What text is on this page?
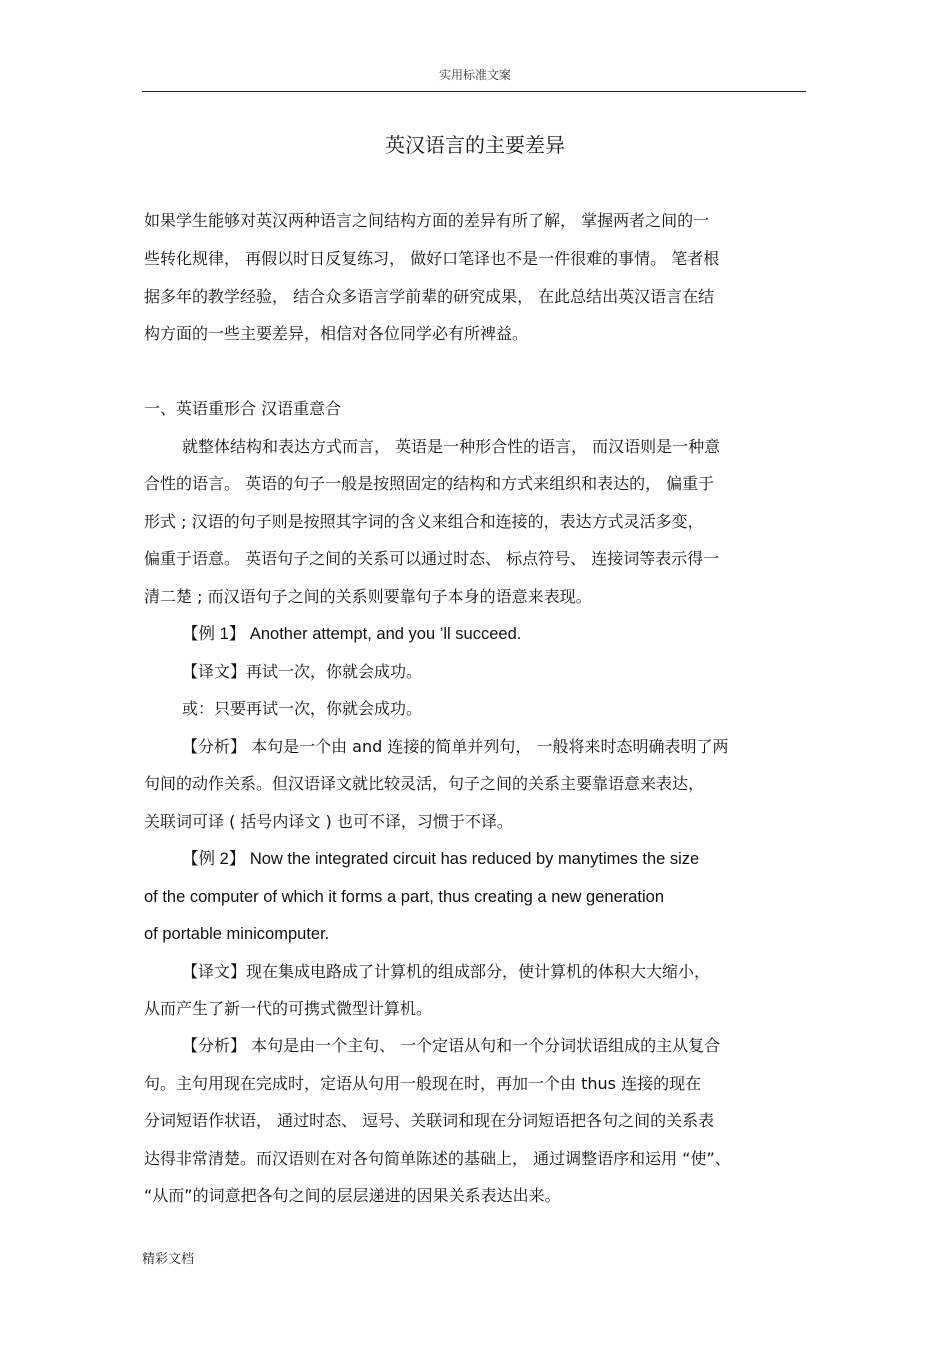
实用标准文案
英汉语言的主要差异
如果学生能够对英汉两种语言之间结构方面的差异有所了解， 掌握两者之间的一
些转化规律， 再假以时日反复练习， 做好口笔译也不是一件很难的事情。 笔者根
据多年的教学经验， 结合众多语言学前辈的研究成果， 在此总结出英汉语言在结
构方面的一些主要差异，相信对各位同学必有所裨益。
一、英语重形合 汉语重意合
就整体结构和表达方式而言， 英语是一种形合性的语言， 而汉语则是一种意
合性的语言。 英语的句子一般是按照固定的结构和方式来组织和表达的， 偏重于
形式 ; 汉语的句子则是按照其字词的含义来组合和连接的，表达方式灵活多变，
偏重于语意。 英语句子之间的关系可以通过时态、 标点符号、 连接词等表示得一
清二楚 ; 而汉语句子之间的关系则要靠句子本身的语意来表现。
【例 1】 Another attempt, and you ’ll succeed.
【译文】再试一次，你就会成功。
或：只要再试一次，你就会成功。
【分析】 本句是一个由 and 连接的简单并列句， 一般将来时态明确表明了两
句间的动作关系。但汉语译文就比较灵活，句子之间的关系主要靠语意来表达，
关联词可译 ( 括号内译文 ) 也可不译，习惯于不译。
【例 2】 Now the integrated circuit has reduced by manytimes the size
of the computer of which it forms a part, thus creating a new generation
of portable minicomputer.
【译文】现在集成电路成了计算机的组成部分，使计算机的体积大大缩小，
从而产生了新一代的可携式微型计算机。
【分析】 本句是由一个主句、 一个定语从句和一个分词状语组成的主从复合
句。主句用现在完成时，定语从句用一般现在时，再加一个由 thus 连接的现在
分词短语作状语， 通过时态、 逗号、关联词和现在分词短语把各句之间的关系表
达得非常清楚。而汉语则在对各句简单陈述的基础上， 通过调整语序和运用 “使”、
“从而”的词意把各句之间的层层递进的因果关系表达出来。
精彩文档
